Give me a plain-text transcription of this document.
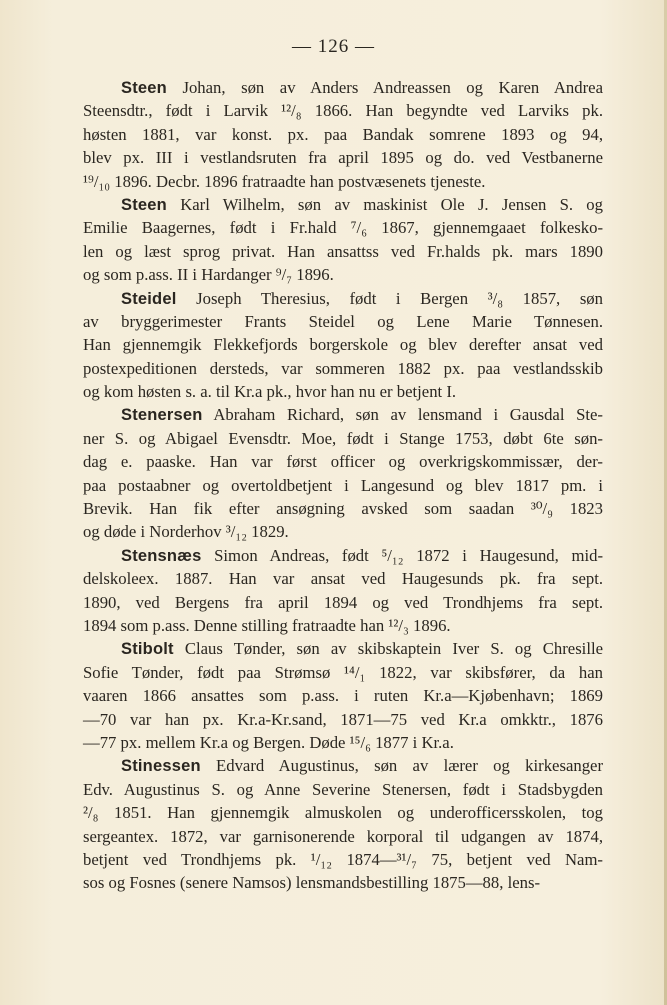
— 126 —
Steen Johan, søn av Anders Andreassen og Karen Andrea
Steensdtr., født i Larvik ¹²/₈ 1866. Han begyndte ved Larviks pk.
høsten 1881, var konst. px. paa Bandak somrene 1893 og 94,
blev px. III i vestlandsruten fra april 1895 og do. ved Vestbanerne
¹⁹/₁₀ 1896. Decbr. 1896 fratraadte han postvæsenets tjeneste.
Steen Karl Wilhelm, søn av maskinist Ole J. Jensen S. og
Emilie Baagernes, født i Fr.hald ⁷/₆ 1867, gjennemgaaet folkesko-
len og læst sprog privat. Han ansattss ved Fr.halds pk. mars 1890
og som p.ass. II i Hardanger ⁹/₇ 1896.
Steidel Joseph Theresius, født i Bergen ³/₈ 1857, søn
av bryggerimester Frants Steidel og Lene Marie Tønnesen.
Han gjennemgik Flekkefjords borgerskole og blev derefter ansat ved
postexpeditionen dersteds, var sommeren 1882 px. paa vestlandsskib
og kom høsten s. a. til Kr.a pk., hvor han nu er betjent I.
Stenersen Abraham Richard, søn av lensmand i Gausdal Ste-
ner S. og Abigael Evensdtr. Moe, født i Stange 1753, døbt 6te søn-
dag e. paaske. Han var først officer og overkrigskommissær, der-
paa postaabner og overtoldbetjent i Langesund og blev 1817 pm. i
Brevik. Han fik efter ansøgning avsked som saadan ³⁰/₉ 1823
og døde i Norderhov ³/₁₂ 1829.
Stensnæs Simon Andreas, født ⁵/₁₂ 1872 i Haugesund, mid-
delskoleex. 1887. Han var ansat ved Haugesunds pk. fra sept.
1890, ved Bergens fra april 1894 og ved Trondhjems fra sept.
1894 som p.ass. Denne stilling fratraadte han ¹²/₃ 1896.
Stibolt Claus Tønder, søn av skibskaptein Iver S. og Chresille
Sofie Tønder, født paa Strømsø ¹⁴/₁ 1822, var skibsfører, da han
vaaren 1866 ansattes som p.ass. i ruten Kr.a—Kjøbenhavn; 1869
—70 var han px. Kr.a-Kr.sand, 1871—75 ved Kr.a omkktr., 1876
—77 px. mellem Kr.a og Bergen. Døde ¹⁵/₆ 1877 i Kr.a.
Stinessen Edvard Augustinus, søn av lærer og kirkesanger
Edv. Augustinus S. og Anne Severine Stenersen, født i Stadsbygden
²/₈ 1851. Han gjennemgik almuskolen og underofficersskolen, tog
sergeantex. 1872, var garnisonerende korporal til udgangen av 1874,
betjent ved Trondhjems pk. ¹/₁₂ 1874—³¹/₇ 75, betjent ved Nam-
sos og Fosnes (senere Namsos) lensmandsbestilling 1875—88, lens-
